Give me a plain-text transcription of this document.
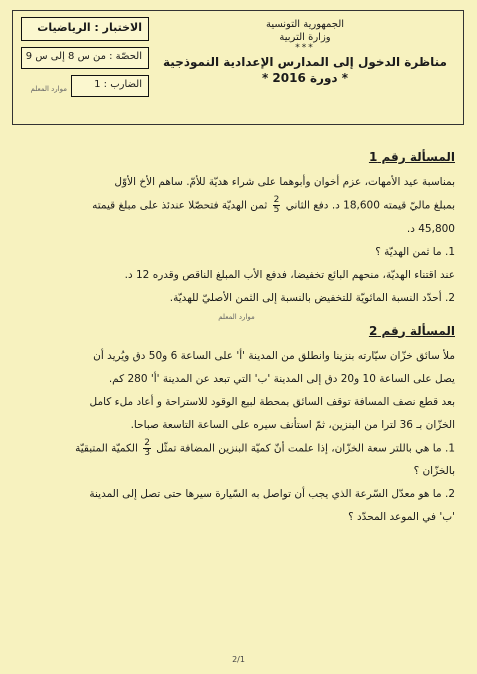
الاختبار : الرياضيات
الحصّة : من س 8 إلى س 9
الضارب : 1
موارد المعلم
الجمهورية التونسية
وزارة التربية
***
مناظرة الدخول إلى المدارس الإعدادية النموذجية
* دورة 2016 *
المسألة رقم 1

بمناسبة عيد الأمهات، عزم أخوان وأبوهما على شراء هديّة للأمّ. ساهم الأخ الأوّل

بمبلغ ماليّ قيمته 18,600 د. دفع الثاني
$\frac{2}{5}$
ثمن الهديّة فتحصّلا عندئذ على مبلغ قيمته

45,800 د.

1. ما ثمن الهديّة ؟

عند اقتناء الهديّة، منحهم البائع تخفيضا، فدفع الأب المبلغ الناقص وقدره 12 د.

2. أحدّد النسبة المائويّة للتخفيض بالنسبة إلى الثمن الأصليّ للهديّة.

موارد المعلم
المسألة رقم 2

ملأ سائق خزّان سيّارته بنزينا وانطلق من المدينة 'أ' على الساعة 6 و50 دق ويُريد أن

يصل على الساعة 10 و20 دق إلى المدينة 'ب' التي تبعد عن المدينة 'أ' 280 كم.

بعد قطع نصف المسافة توقف السائق بمحطة لبيع الوقود للاستراحة و أعاد ملء كامل

الخزّان بـ 36 لترا من البنزين، ثمّ استأنف سيره على الساعة التاسعة صباحا.

1. ما هي باللتر سعة الخزّان، إذا علمت أنّ كميّة البنزين المضافة تمثّل
$\frac{2}{3}$
الكميّة المتبقيّة

بالخزّان ؟

2. ما هو معدّل السّرعة الذي يجب أن تواصل به السّيارة سيرها حتى تصل إلى المدينة

'ب' في الموعد المحدّد ؟

2/1
